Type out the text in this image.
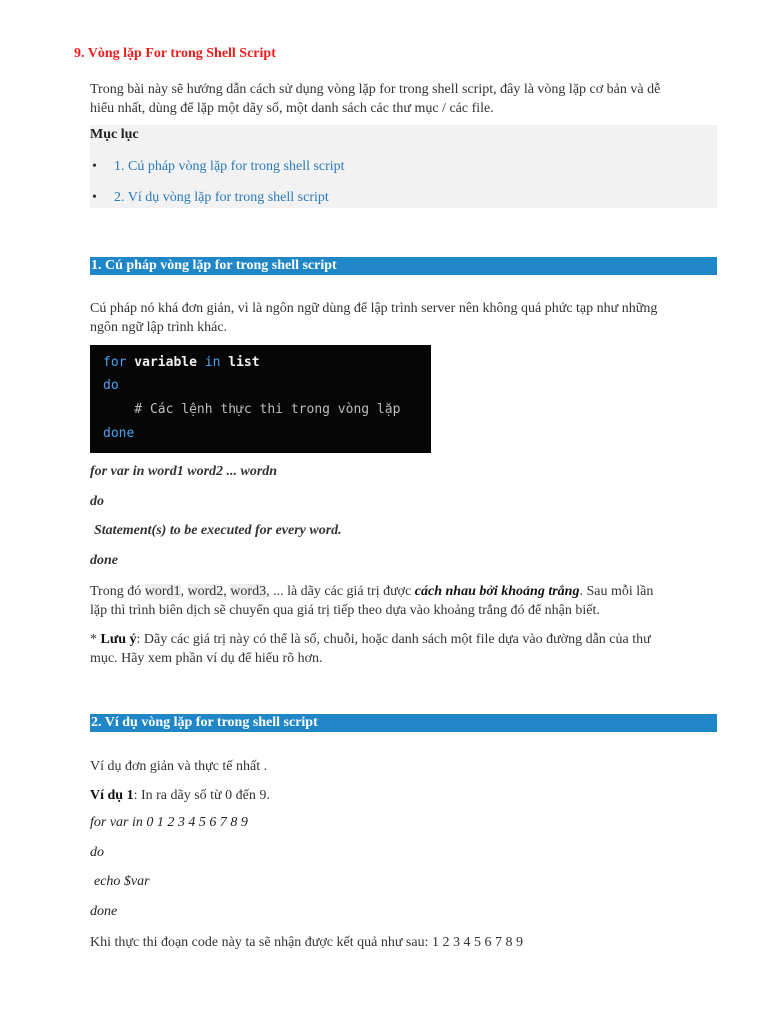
9. Vòng lặp For trong Shell Script
Trong bài này sẽ hướng dẫn cách sử dụng vòng lặp for trong shell script, đây là vòng lặp cơ bản và dễ
hiểu nhất, dùng để lặp một dãy số, một danh sách các thư mục / các file.
Mục lục
• 1. Cú pháp vòng lặp for trong shell script
• 2. Ví dụ vòng lặp for trong shell script
1. Cú pháp vòng lặp for trong shell script
Cú pháp nó khá đơn giản, vì là ngôn ngữ dùng để lập trình server nên không quá phức tạp như những
ngôn ngữ lập trình khác.
for variable in list
do
# Các lệnh thực thi trong vòng lặp
done
for var in word1 word2 ... wordn
do
Statement(s) to be executed for every word.
done
Trong đó word1, word2, word3, ... là dãy các giá trị được cách nhau bởi khoảng trắng. Sau mỗi lần
lặp thì trình biên dịch sẽ chuyển qua giá trị tiếp theo dựa vào khoảng trắng đó để nhận biết.
* Lưu ý: Dãy các giá trị này có thể là số, chuỗi, hoặc danh sách một file dựa vào đường dẫn của thư
mục. Hãy xem phần ví dụ để hiểu rõ hơn.
2. Ví dụ vòng lặp for trong shell script
Ví dụ đơn giản và thực tế nhất .
Ví dụ 1: In ra dãy số từ 0 đến 9.
for var in 0 1 2 3 4 5 6 7 8 9
do
echo $var
done
Khi thực thi đoạn code này ta sẽ nhận được kết quả như sau: 1 2 3 4 5 6 7 8 9
